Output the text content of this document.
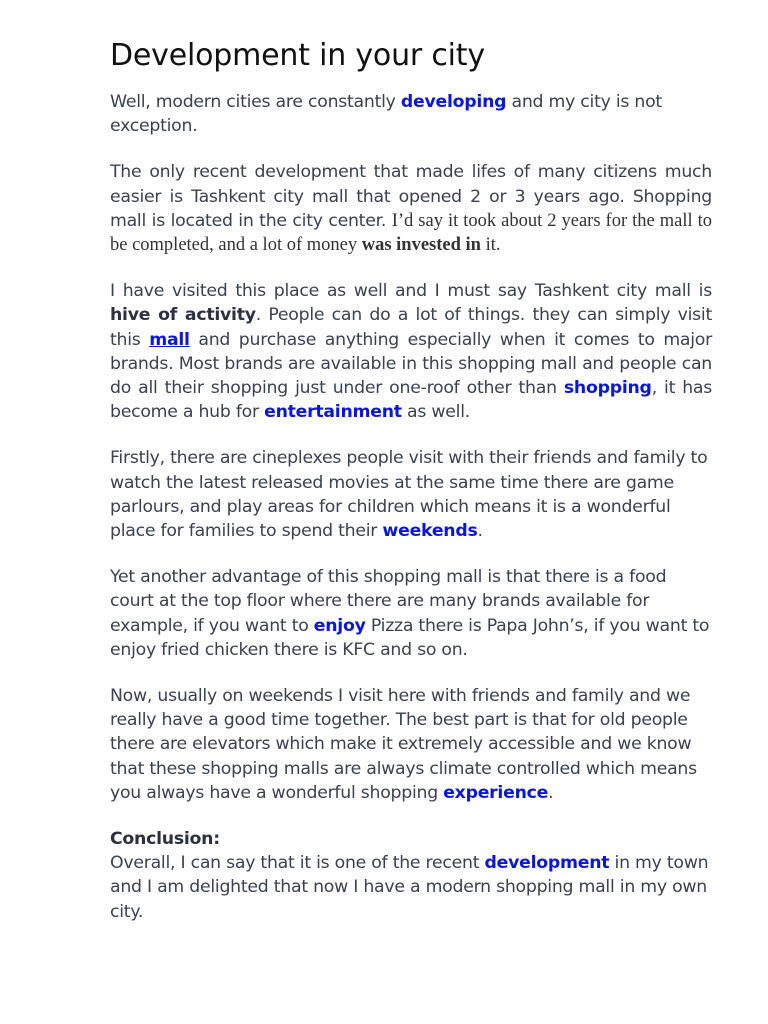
Development in your city

Well, modern cities are constantly developing and my city is not exception.

The only recent development that made lifes of many citizens much easier is Tashkent city mall that opened 2 or 3 years ago. Shopping mall is located in the city center. I’d say it took about 2 years for the mall to be completed, and a lot of money was invested in it.

I have visited this place as well and I must say Tashkent city mall is hive of activity. People can do a lot of things. they can simply visit this mall and purchase anything especially when it comes to major brands. Most brands are available in this shopping mall and people can do all their shopping just under one-roof other than shopping, it has become a hub for entertainment as well.

Firstly, there are cineplexes people visit with their friends and family to watch the latest released movies at the same time there are game parlours, and play areas for children which means it is a wonderful place for families to spend their weekends.

Yet another advantage of this shopping mall is that there is a food court at the top floor where there are many brands available for example, if you want to enjoy Pizza there is Papa John’s, if you want to enjoy fried chicken there is KFC and so on.

Now, usually on weekends I visit here with friends and family and we really have a good time together. The best part is that for old people there are elevators which make it extremely accessible and we know that these shopping malls are always climate controlled which means you always have a wonderful shopping experience.

Conclusion:

Overall, I can say that it is one of the recent development in my town and I am delighted that now I have a modern shopping mall in my own city.
